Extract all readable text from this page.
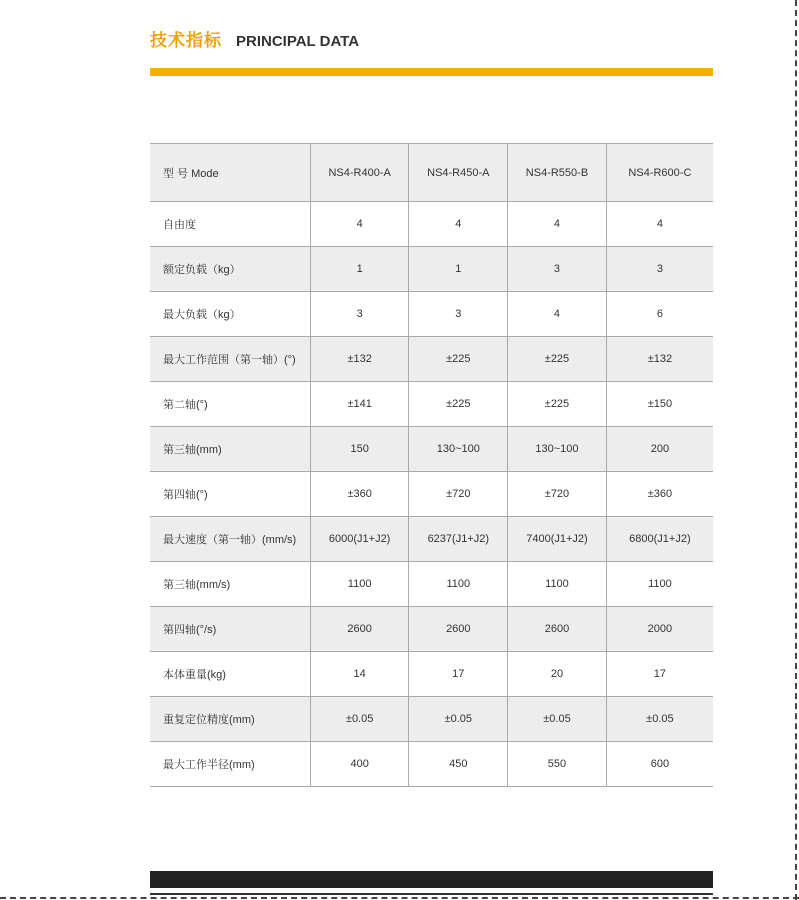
技术指标 PRINCIPAL DATA
型 号 Mode	NS4-R400-A	NS4-R450-A	NS4-R550-B	NS4-R600-C
自由度	4	4	4	4
额定负载（kg）	1	1	3	3
最大负载（kg）	3	3	4	6
最大工作范围（第一轴）(°)	±132	±225	±225	±132
第二轴(°)	±141	±225	±225	±150
第三轴(mm)	150	130~100	130~100	200
第四轴(°)	±360	±720	±720	±360
最大速度（第一轴）(mm/s)	6000(J1+J2)	6237(J1+J2)	7400(J1+J2)	6800(J1+J2)
第三轴(mm/s)	1100	1100	1100	1100
第四轴(°/s)	2600	2600	2600	2000
本体重量(kg)	14	17	20	17
重复定位精度(mm)	±0.05	±0.05	±0.05	±0.05
最大工作半径(mm)	400	450	550	600
